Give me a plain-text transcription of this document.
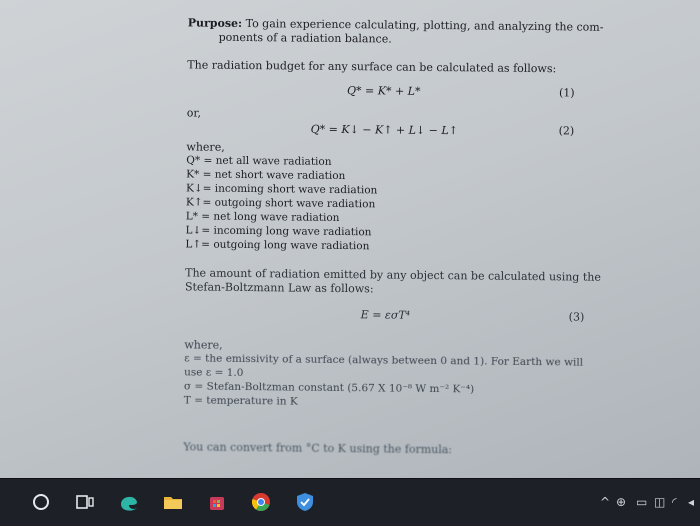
Purpose: To gain experience calculating, plotting, and analyzing the com-
ponents of a radiation balance.
The radiation budget for any surface can be calculated as follows:
Q* = K* + L*	(1)
or,
Q* = K↓ − K↑ + L↓ − L↑	(2)
where,
Q* = net all wave radiation
K* = net short wave radiation
K↓= incoming short wave radiation
K↑= outgoing short wave radiation
L* = net long wave radiation
L↓= incoming long wave radiation
L↑= outgoing long wave radiation
The amount of radiation emitted by any object can be calculated using the
Stefan-Boltzmann Law as follows:
E = εσT⁴	(3)
where,
ε = the emissivity of a surface (always between 0 and 1). For Earth we will
use ε = 1.0
σ = Stefan-Boltzman constant (5.67 X 10⁻⁸ W m⁻² K⁻⁴)
T = temperature in K
You can convert from °C to K using the formula:
^ ⊕ ▭ ◫ ◜ ◂
